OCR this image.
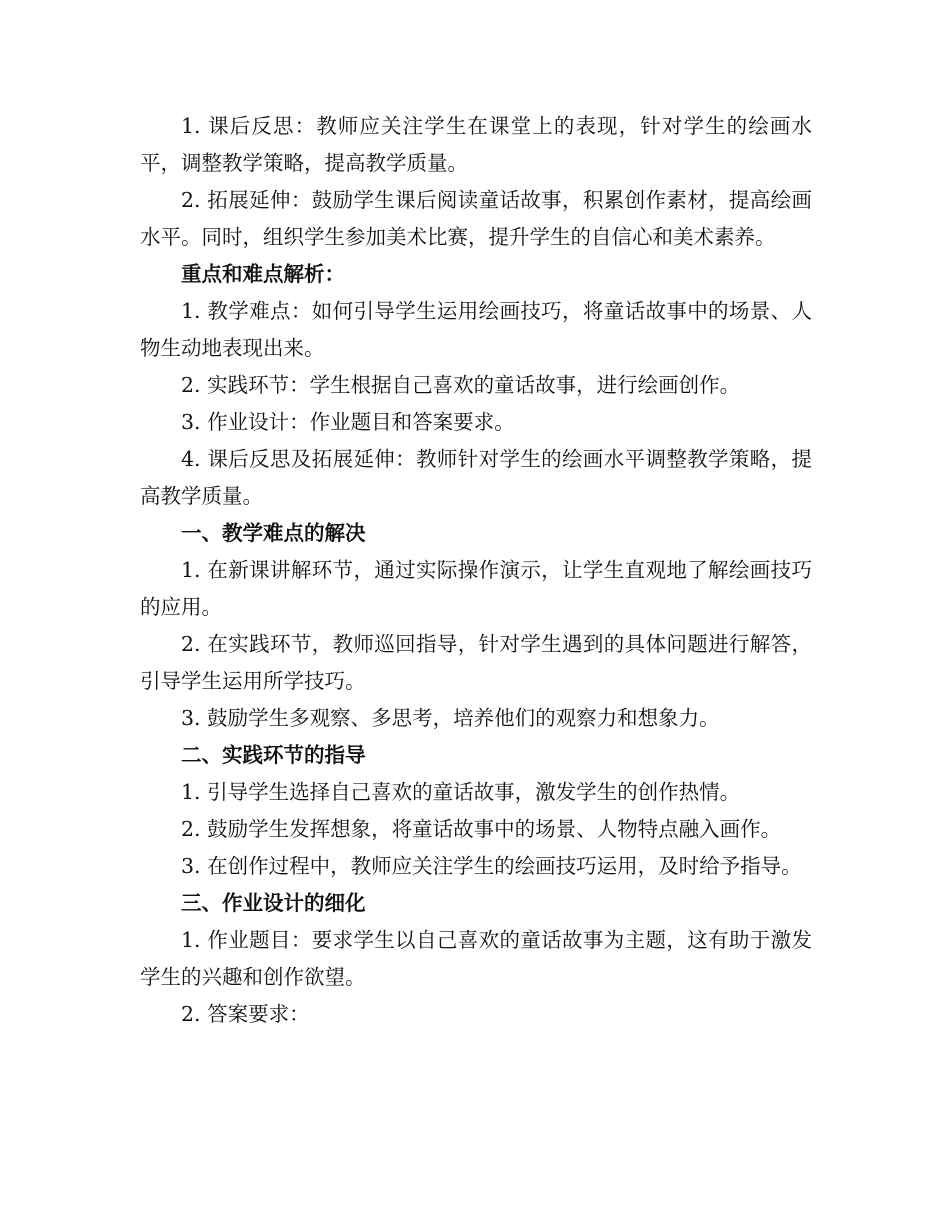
1. 课后反思：教师应关注学生在课堂上的表现，针对学生的绘画水平，调整教学策略，提高教学质量。

2. 拓展延伸：鼓励学生课后阅读童话故事，积累创作素材，提高绘画水平。同时，组织学生参加美术比赛，提升学生的自信心和美术素养。

重点和难点解析：

1. 教学难点：如何引导学生运用绘画技巧，将童话故事中的场景、人物生动地表现出来。

2. 实践环节：学生根据自己喜欢的童话故事，进行绘画创作。

3. 作业设计：作业题目和答案要求。

4. 课后反思及拓展延伸：教师针对学生的绘画水平调整教学策略，提高教学质量。

一、教学难点的解决

1. 在新课讲解环节，通过实际操作演示，让学生直观地了解绘画技巧的应用。

2. 在实践环节，教师巡回指导，针对学生遇到的具体问题进行解答，引导学生运用所学技巧。

3. 鼓励学生多观察、多思考，培养他们的观察力和想象力。

二、实践环节的指导

1. 引导学生选择自己喜欢的童话故事，激发学生的创作热情。

2. 鼓励学生发挥想象，将童话故事中的场景、人物特点融入画作。

3. 在创作过程中，教师应关注学生的绘画技巧运用，及时给予指导。

三、作业设计的细化

1. 作业题目：要求学生以自己喜欢的童话故事为主题，这有助于激发学生的兴趣和创作欲望。

2. 答案要求：
